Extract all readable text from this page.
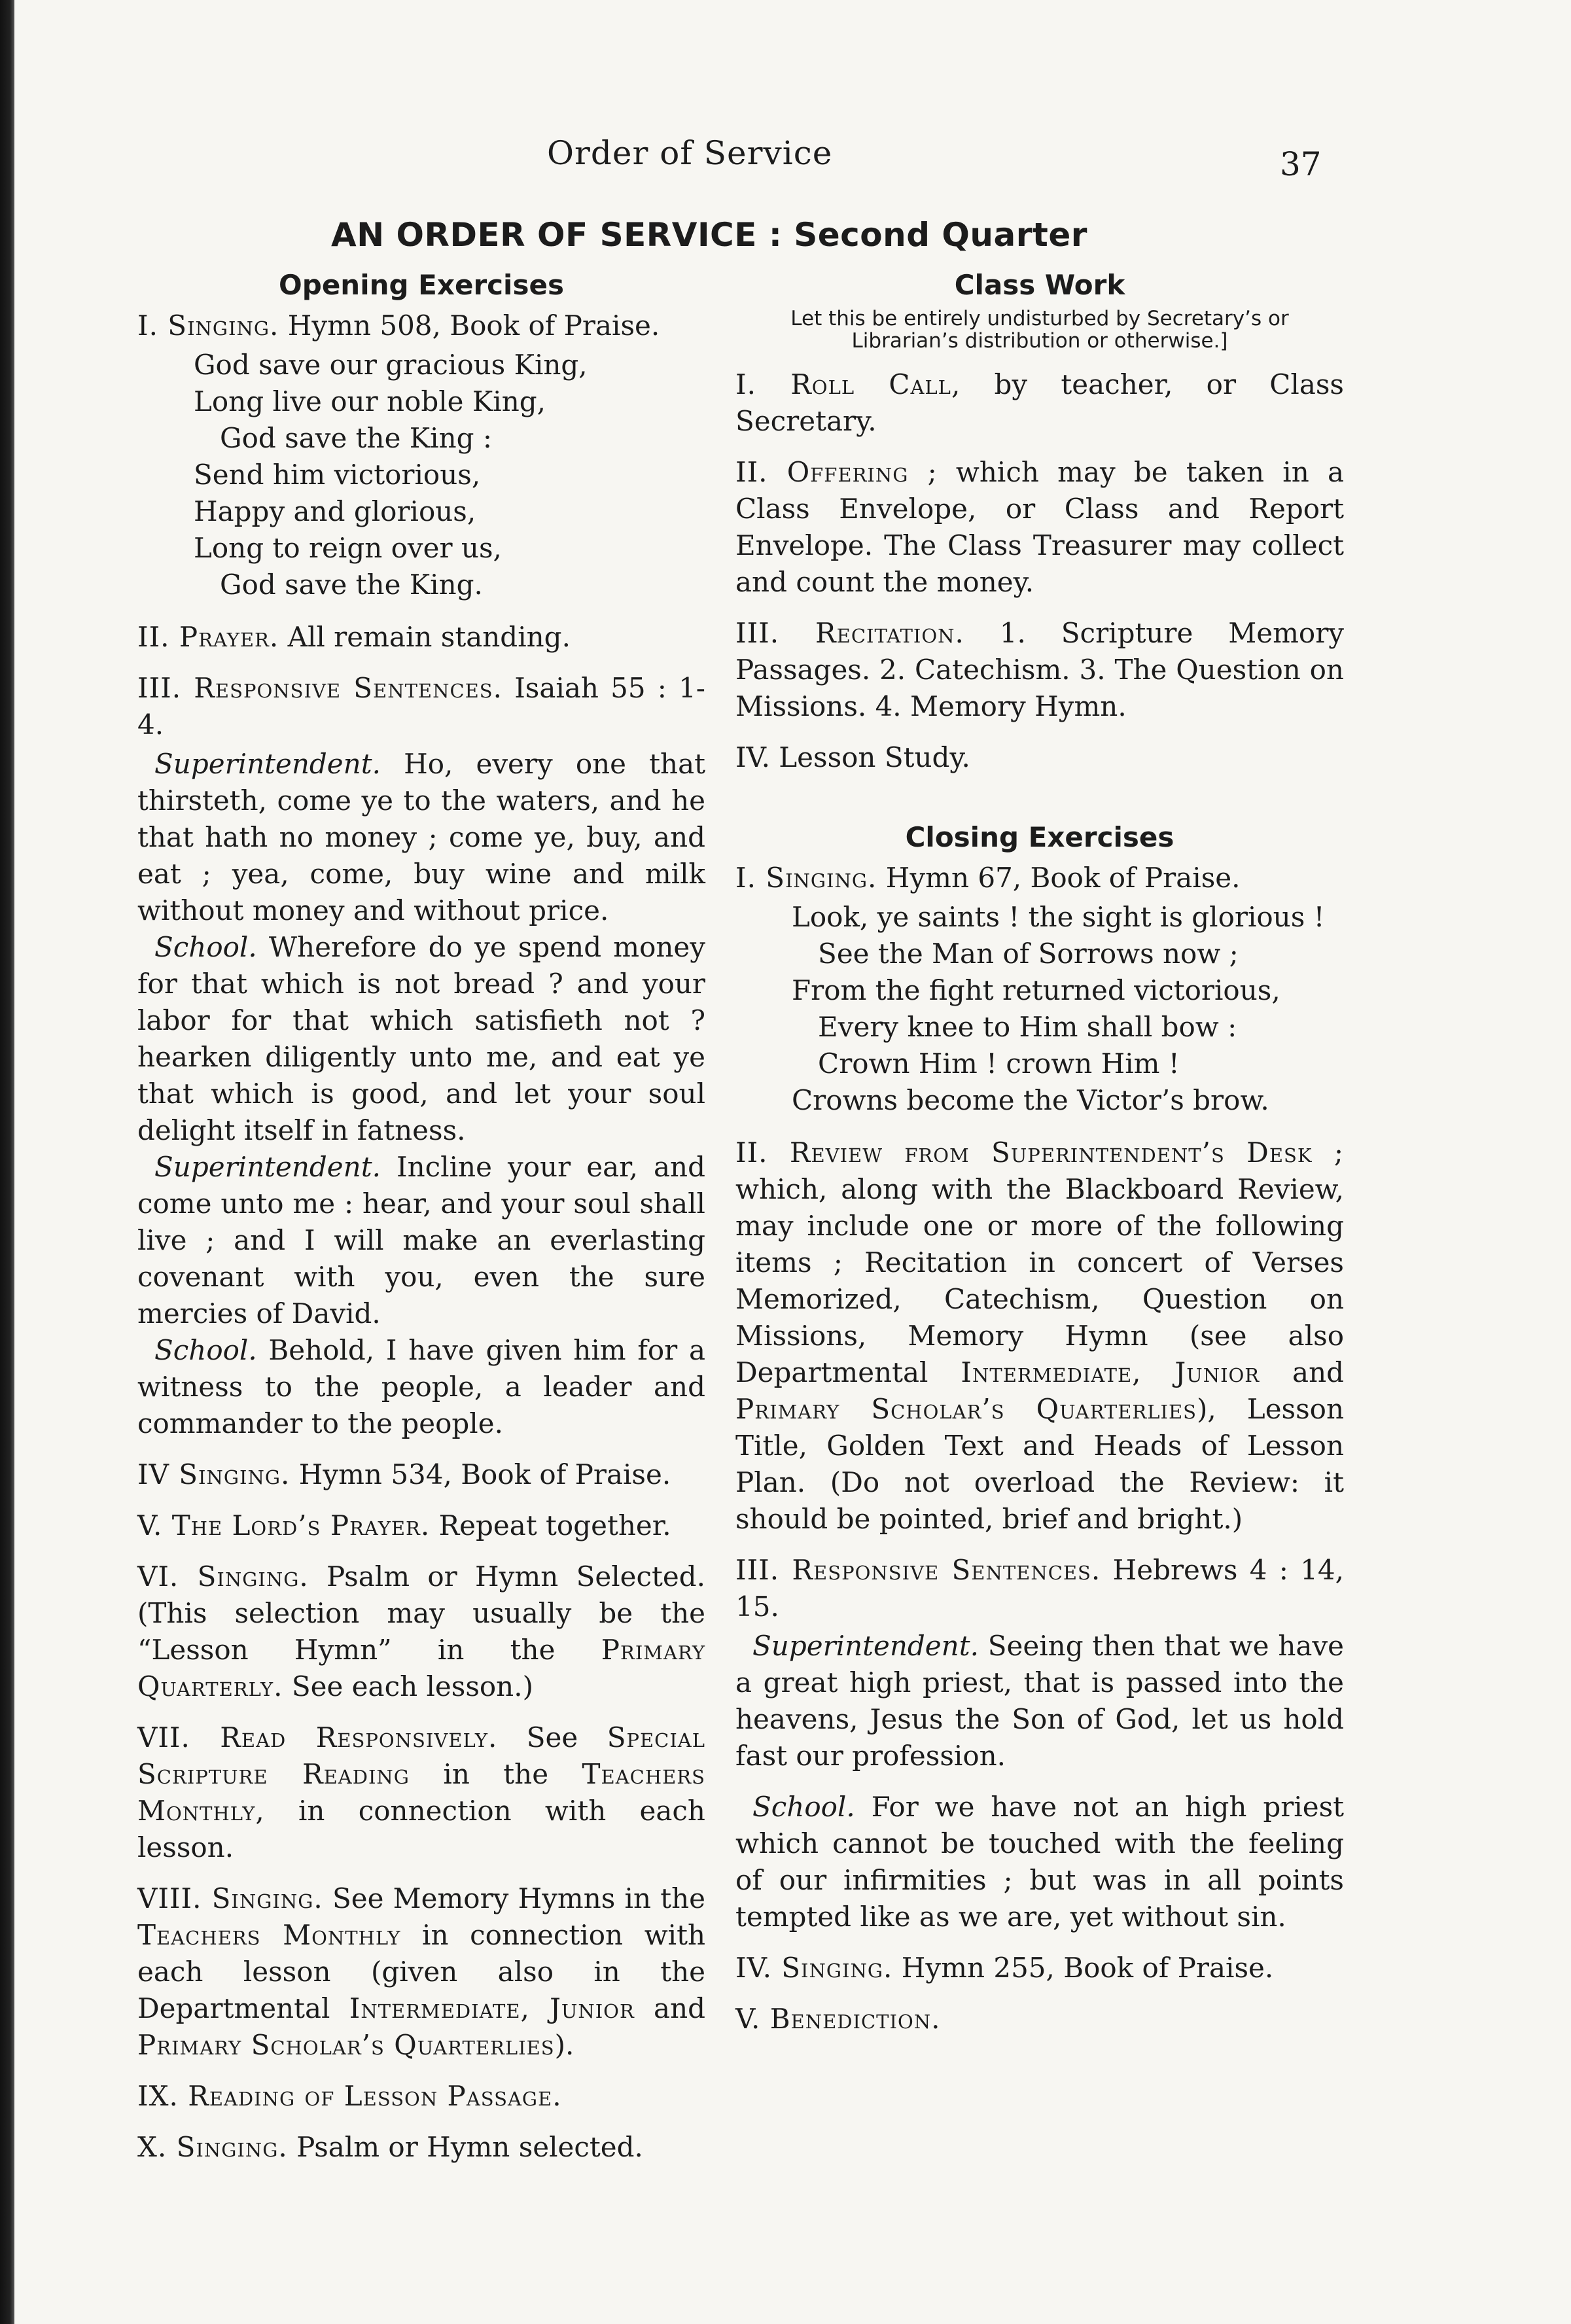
Order of Service	37
AN ORDER OF SERVICE : Second Quarter
Opening Exercises
I. Singing. Hymn 508, Book of Praise.
God save our gracious King,
Long live our noble King,
God save the King :
Send him victorious,
Happy and glorious,
Long to reign over us,
God save the King.
II. Prayer. All remain standing.
III. Responsive Sentences. Isaiah 55 : 1-4.

Superintendent. Ho, every one that thirsteth, come ye to the waters, and he that hath no money ; come ye, buy, and eat ; yea, come, buy wine and milk without money and without price.

School. Wherefore do ye spend money for that which is not bread ? and your labor for that which satisfieth not ? hearken diligently unto me, and eat ye that which is good, and let your soul delight itself in fatness.

Superintendent. Incline your ear, and come unto me : hear, and your soul shall live ; and I will make an everlasting covenant with you, even the sure mercies of David.

School. Behold, I have given him for a witness to the people, a leader and commander to the people.

IV Singing. Hymn 534, Book of Praise.
V. The Lord’s Prayer. Repeat together.
VI. Singing. Psalm or Hymn Selected. (This selection may usually be the “Lesson Hymn” in the Primary Quarterly. See each lesson.)
VII. Read Responsively. See Special Scripture Reading in the Teachers Monthly, in connection with each lesson.
VIII. Singing. See Memory Hymns in the Teachers Monthly in connection with each lesson (given also in the Departmental Intermediate, Junior and Primary Scholar’s Quarterlies).
IX. Reading of Lesson Passage.
X. Singing. Psalm or Hymn selected.
Class Work
Let this be entirely undisturbed by Secretary’s or Librarian’s distribution or otherwise.]
I. Roll Call, by teacher, or Class Secretary.
II. Offering ; which may be taken in a Class Envelope, or Class and Report Envelope. The Class Treasurer may collect and count the money.
III. Recitation. 1. Scripture Memory Passages. 2. Catechism. 3. The Question on Missions. 4. Memory Hymn.
IV. Lesson Study.
Closing Exercises
I. Singing. Hymn 67, Book of Praise.
Look, ye saints ! the sight is glorious !
See the Man of Sorrows now ;
From the fight returned victorious,
Every knee to Him shall bow :
Crown Him ! crown Him !
Crowns become the Victor’s brow.
II. Review from Superintendent’s Desk ; which, along with the Blackboard Review, may include one or more of the following items ; Recitation in concert of Verses Memorized, Catechism, Question on Missions, Memory Hymn (see also Departmental Intermediate, Junior and Primary Scholar’s Quarterlies), Lesson Title, Golden Text and Heads of Lesson Plan. (Do not overload the Review: it should be pointed, brief and bright.)
III. Responsive Sentences. Hebrews 4 : 14, 15.

Superintendent. Seeing then that we have a great high priest, that is passed into the heavens, Jesus the Son of God, let us hold fast our profession.

School. For we have not an high priest which cannot be touched with the feeling of our infirmities ; but was in all points tempted like as we are, yet without sin.

IV. Singing. Hymn 255, Book of Praise.
V. Benediction.
